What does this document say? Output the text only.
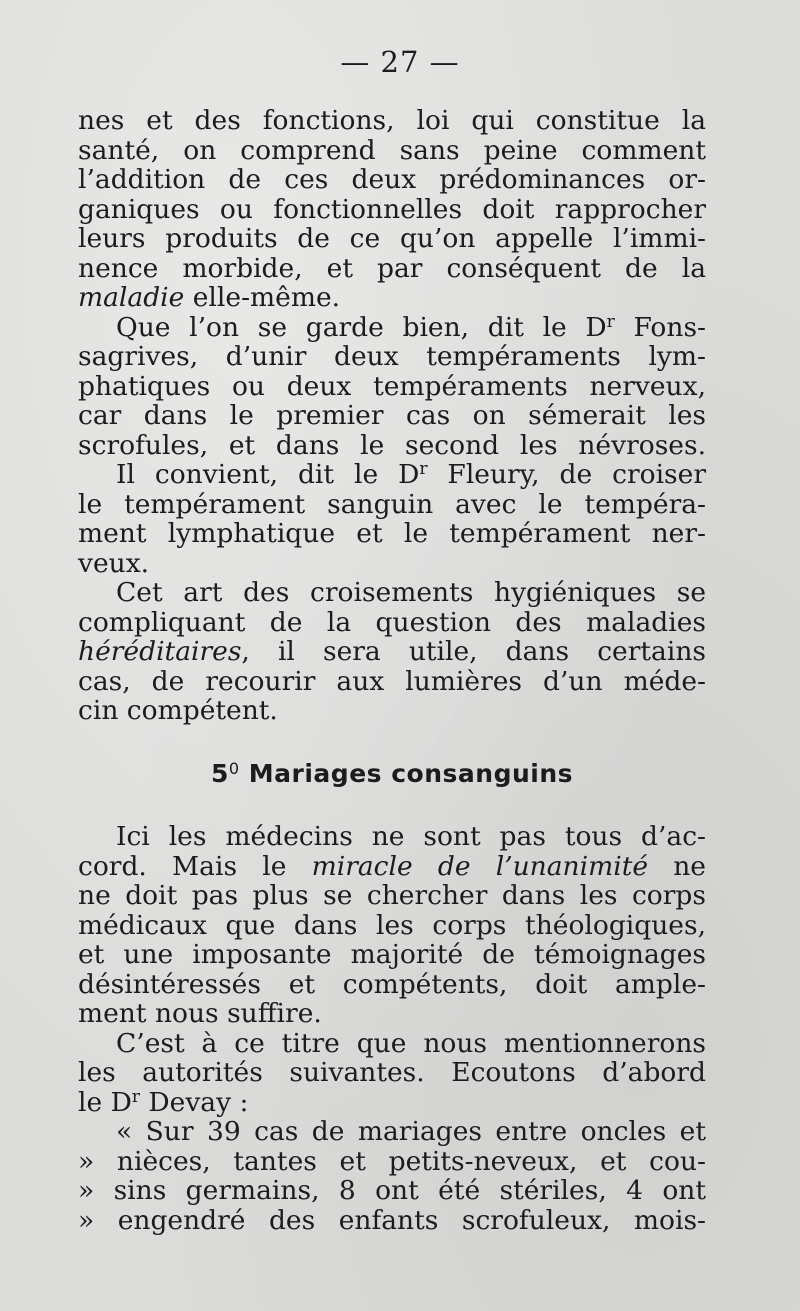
— 27 —
nes et des fonctions, loi qui constitue la
santé, on comprend sans peine comment
l’addition de ces deux prédominances or-
ganiques ou fonctionnelles doit rapprocher
leurs produits de ce qu’on appelle l’immi-
nence morbide, et par conséquent de la
maladie elle-même.
Que l’on se garde bien, dit le $D^r$ Fons-
sagrives, d’unir deux tempéraments lym-
phatiques ou deux tempéraments nerveux,
car dans le premier cas on sémerait les
scrofules, et dans le second les névroses.
Il convient, dit le $D^r$ Fleury, de croiser
le tempérament sanguin avec le tempéra-
ment lymphatique et le tempérament ner-
veux.
Cet art des croisements hygiéniques se
compliquant de la question des maladies
héréditaires, il sera utile, dans certains
cas, de recourir aux lumières d’un méde-
cin compétent.
$5^0$ Mariages consanguins
Ici les médecins ne sont pas tous d’ac-
cord. Mais le miracle de l’unanimité ne
ne doit pas plus se chercher dans les corps
médicaux que dans les corps théologiques,
et une imposante majorité de témoignages
désintéressés et compétents, doit ample-
ment nous suffire.
C’est à ce titre que nous mentionnerons
les autorités suivantes. Ecoutons d’abord
le $D^r$ Devay :
« Sur 39 cas de mariages entre oncles et
» nièces, tantes et petits-neveux, et cou-
» sins germains, 8 ont été stériles, 4 ont
» engendré des enfants scrofuleux, mois-
